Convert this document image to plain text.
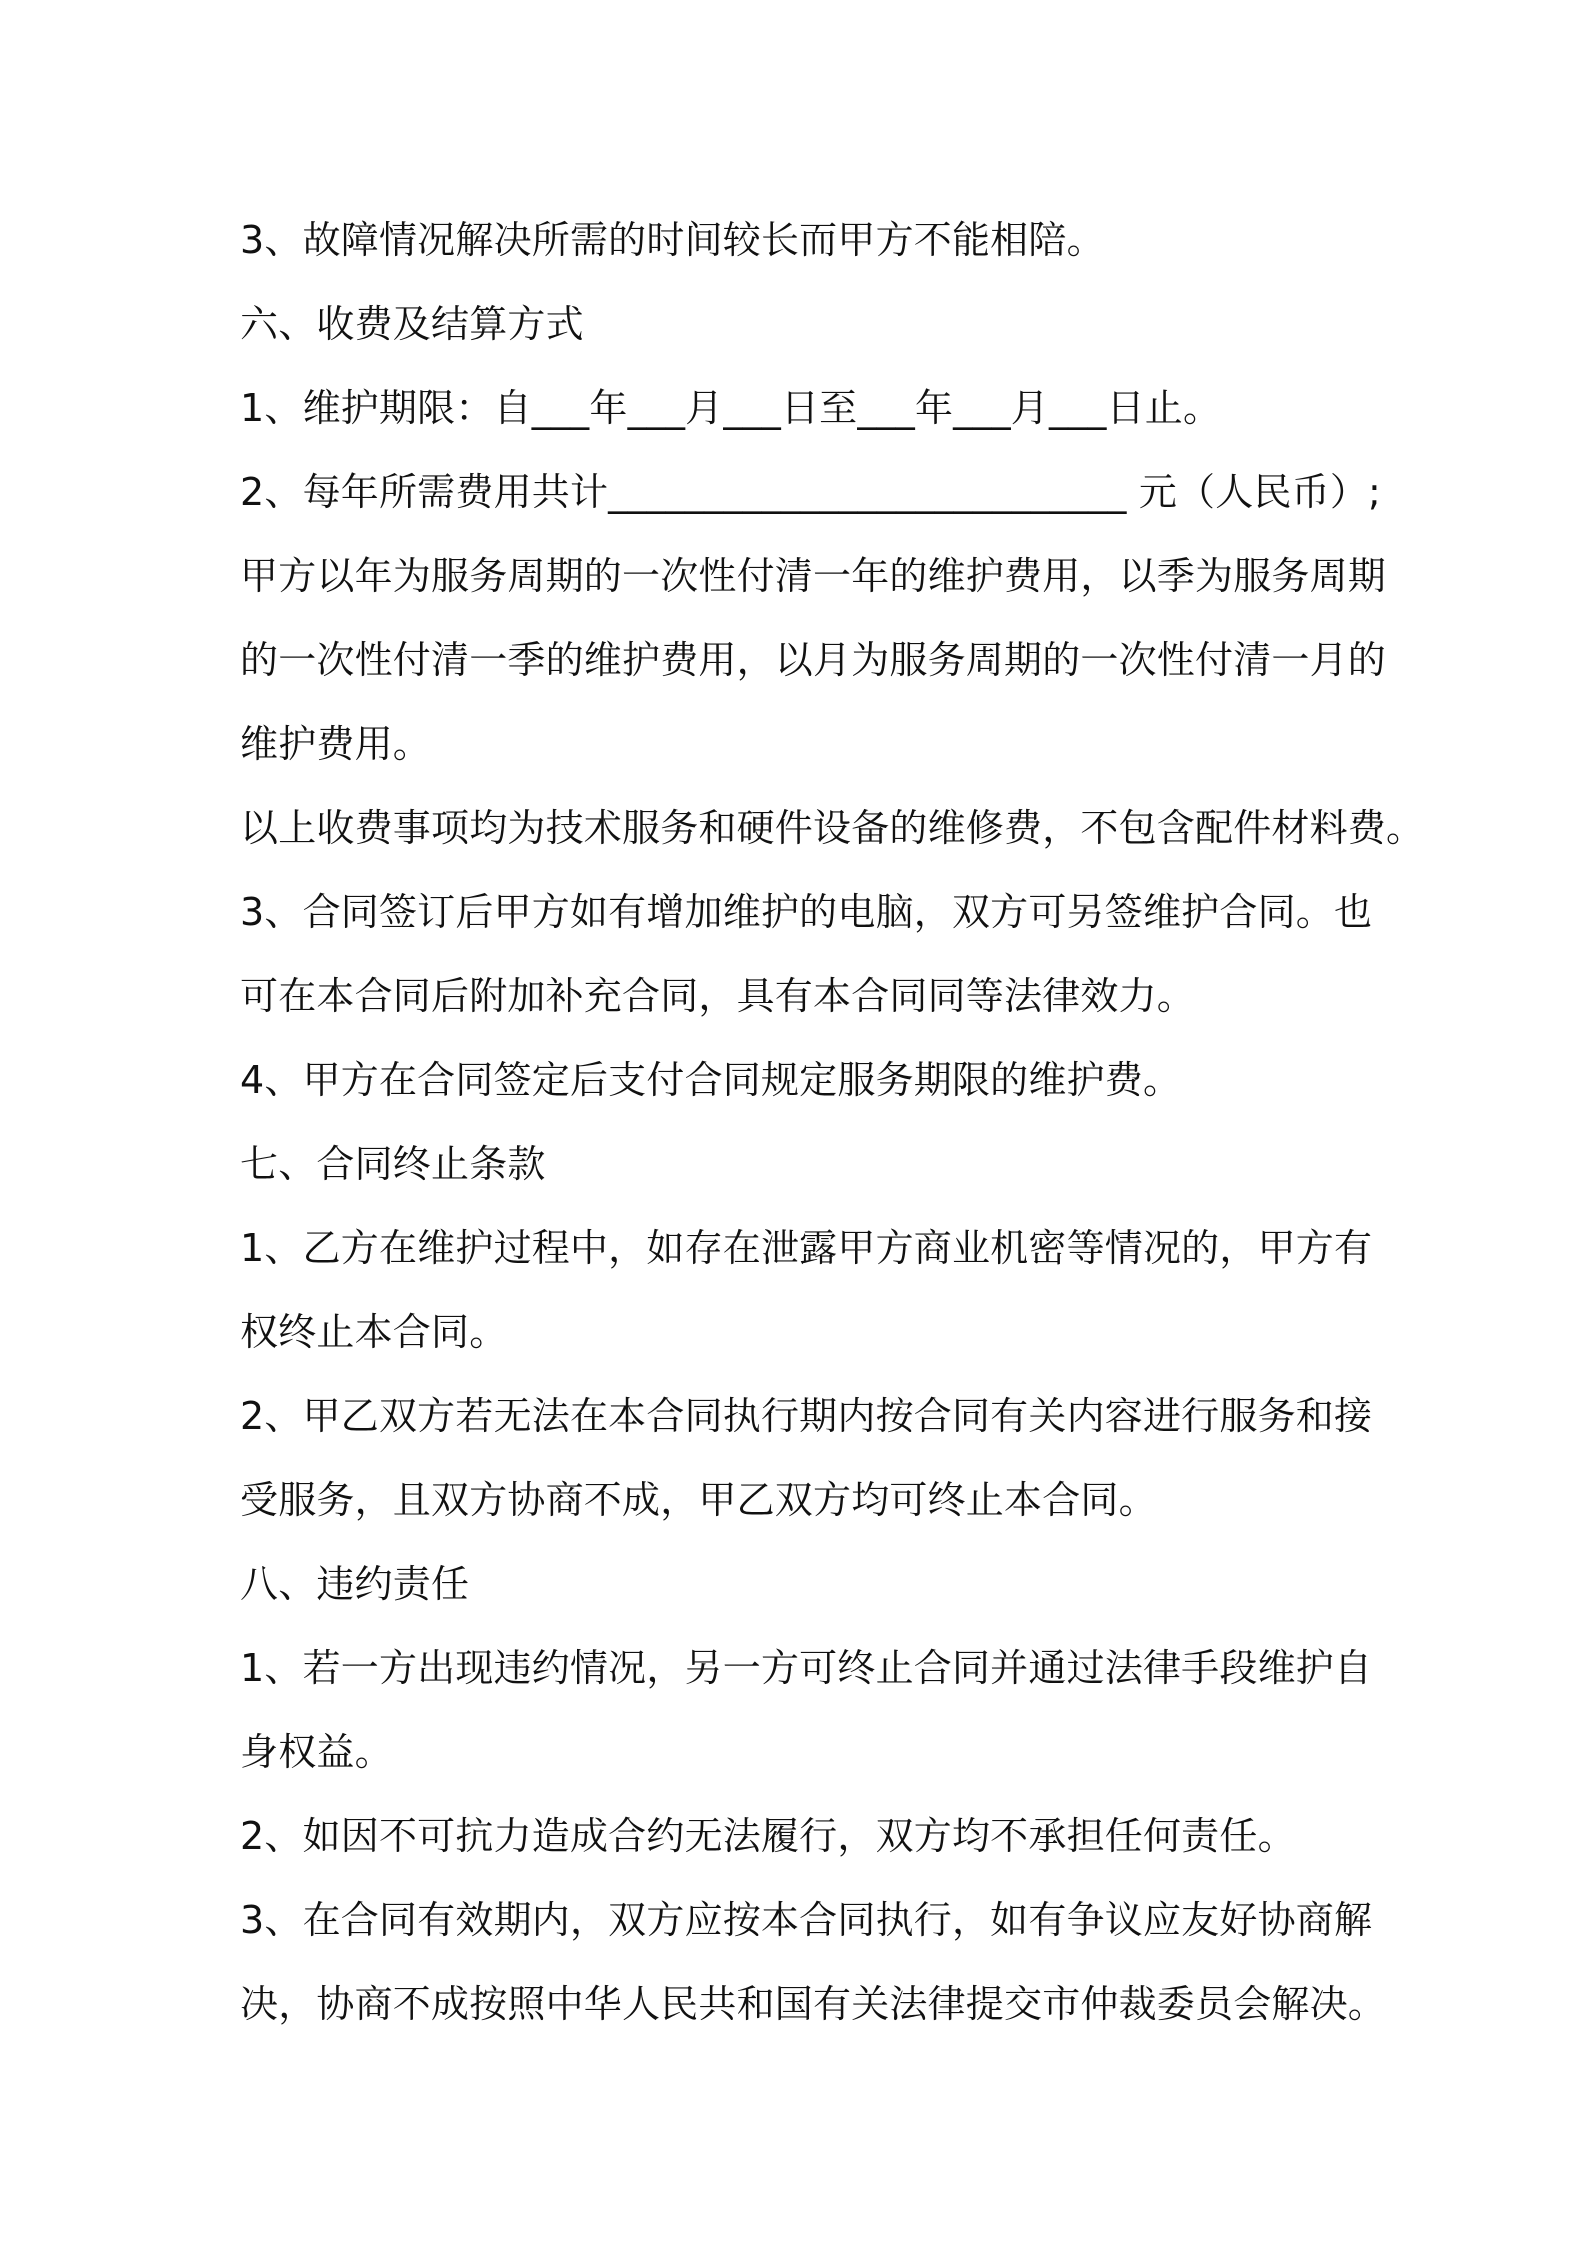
3、故障情况解决所需的时间较长而甲方不能相陪。
六、收费及结算方式
1、维护期限：自___年___月___日至___年___月___日止。
2、每年所需费用共计___________________________ 元（人民币）;
甲方以年为服务周期的一次性付清一年的维护费用，以季为服务周期
的一次性付清一季的维护费用，以月为服务周期的一次性付清一月的
维护费用。
以上收费事项均为技术服务和硬件设备的维修费，不包含配件材料费。
3、合同签订后甲方如有增加维护的电脑，双方可另签维护合同。也
可在本合同后附加补充合同，具有本合同同等法律效力。
4、甲方在合同签定后支付合同规定服务期限的维护费。
七、合同终止条款
1、乙方在维护过程中，如存在泄露甲方商业机密等情况的，甲方有
权终止本合同。
2、甲乙双方若无法在本合同执行期内按合同有关内容进行服务和接
受服务，且双方协商不成，甲乙双方均可终止本合同。
八、违约责任
1、若一方出现违约情况，另一方可终止合同并通过法律手段维护自
身权益。
2、如因不可抗力造成合约无法履行，双方均不承担任何责任。
3、在合同有效期内，双方应按本合同执行，如有争议应友好协商解
决，协商不成按照中华人民共和国有关法律提交市仲裁委员会解决。
